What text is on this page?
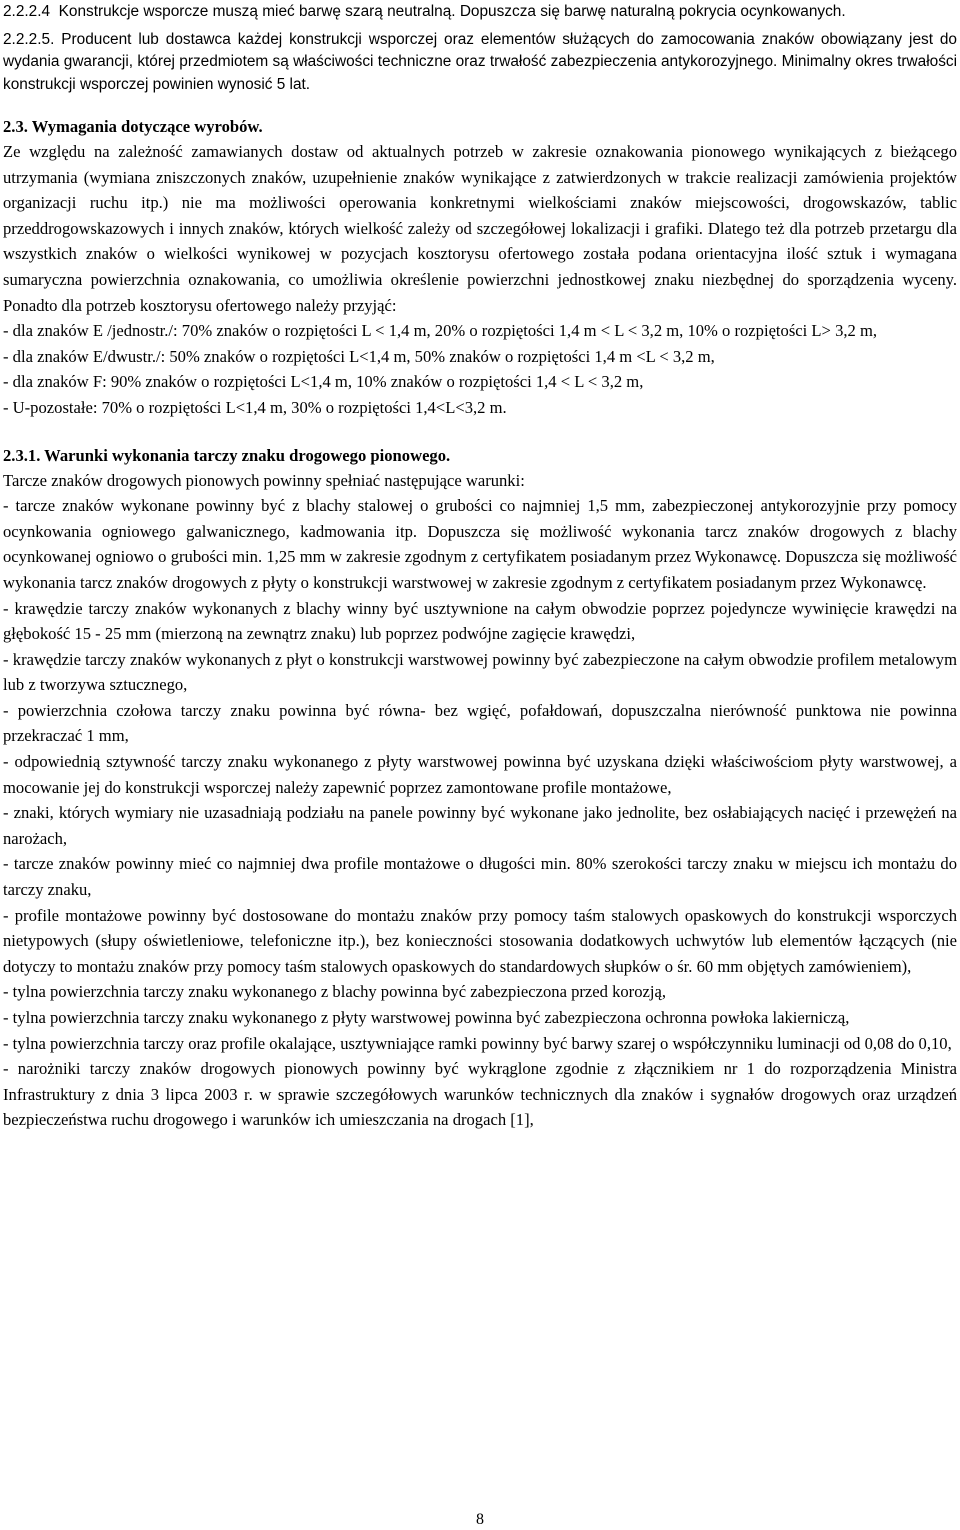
2.2.2.4 Konstrukcje wsporcze muszą mieć barwę szarą neutralną. Dopuszcza się barwę naturalną pokrycia ocynkowanych.

2.2.2.5. Producent lub dostawca każdej konstrukcji wsporczej oraz elementów służących do zamocowania znaków obowiązany jest do wydania gwarancji, której przedmiotem są właściwości techniczne oraz trwałość zabezpieczenia antykorozyjnego. Minimalny okres trwałości konstrukcji wsporczej powinien wynosić 5 lat.

2.3. Wymagania dotyczące wyrobów.

Ze względu na zależność zamawianych dostaw od aktualnych potrzeb w zakresie oznakowania pionowego wynikających z bieżącego utrzymania (wymiana zniszczonych znaków, uzupełnienie znaków wynikające z zatwierdzonych w trakcie realizacji zamówienia projektów organizacji ruchu itp.) nie ma możliwości operowania konkretnymi wielkościami znaków miejscowości, drogowskazów, tablic przeddrogowskazowych i innych znaków, których wielkość zależy od szczegółowej lokalizacji i grafiki. Dlatego też dla potrzeb przetargu dla wszystkich znaków o wielkości wynikowej w pozycjach kosztorysu ofertowego została podana orientacyjna ilość sztuk i wymagana sumaryczna powierzchnia oznakowania, co umożliwia określenie powierzchni jednostkowej znaku niezbędnej do sporządzenia wyceny. Ponadto dla potrzeb kosztorysu ofertowego należy przyjąć:

- dla znaków E /jednostr./: 70% znaków o rozpiętości L < 1,4 m, 20% o rozpiętości 1,4 m < L < 3,2 m, 10% o rozpiętości L> 3,2 m,

- dla znaków E/dwustr./: 50% znaków o rozpiętości L<1,4 m, 50% znaków o rozpiętości 1,4 m <L < 3,2 m,

- dla znaków F: 90% znaków o rozpiętości L<1,4 m, 10% znaków o rozpiętości 1,4 < L < 3,2 m,

- U-pozostałe: 70% o rozpiętości L<1,4 m, 30% o rozpiętości 1,4<L<3,2 m.

2.3.1. Warunki wykonania tarczy znaku drogowego pionowego.

Tarcze znaków drogowych pionowych powinny spełniać następujące warunki:

- tarcze znaków wykonane powinny być z blachy stalowej o grubości co najmniej 1,5 mm, zabezpieczonej antykorozyjnie przy pomocy ocynkowania ogniowego galwanicznego, kadmowania itp. Dopuszcza się możliwość wykonania tarcz znaków drogowych z blachy ocynkowanej ogniowo o grubości min. 1,25 mm w zakresie zgodnym z certyfikatem posiadanym przez Wykonawcę. Dopuszcza się możliwość wykonania tarcz znaków drogowych z płyty o konstrukcji warstwowej w zakresie zgodnym z certyfikatem posiadanym przez Wykonawcę.

- krawędzie tarczy znaków wykonanych z blachy winny być usztywnione na całym obwodzie poprzez pojedyncze wywinięcie krawędzi na głębokość 15 - 25 mm (mierzoną na zewnątrz znaku) lub poprzez podwójne zagięcie krawędzi,

- krawędzie tarczy znaków wykonanych z płyt o konstrukcji warstwowej powinny być zabezpieczone na całym obwodzie profilem metalowym lub z tworzywa sztucznego,

- powierzchnia czołowa tarczy znaku powinna być równa- bez wgięć, pofałdowań, dopuszczalna nierówność punktowa nie powinna przekraczać 1 mm,

- odpowiednią sztywność tarczy znaku wykonanego z płyty warstwowej powinna być uzyskana dzięki właściwościom płyty warstwowej, a mocowanie jej do konstrukcji wsporczej należy zapewnić poprzez zamontowane profile montażowe,

- znaki, których wymiary nie uzasadniają podziału na panele powinny być wykonane jako jednolite, bez osłabiających nacięć i przewężeń na narożach,

- tarcze znaków powinny mieć co najmniej dwa profile montażowe o długości min. 80% szerokości tarczy znaku w miejscu ich montażu do tarczy znaku,

- profile montażowe powinny być dostosowane do montażu znaków przy pomocy taśm stalowych opaskowych do konstrukcji wsporczych nietypowych (słupy oświetleniowe, telefoniczne itp.), bez konieczności stosowania dodatkowych uchwytów lub elementów łączących (nie dotyczy to montażu znaków przy pomocy taśm stalowych opaskowych do standardowych słupków o śr. 60 mm objętych zamówieniem),

- tylna powierzchnia tarczy znaku wykonanego z blachy powinna być zabezpieczona przed korozją,

- tylna powierzchnia tarczy znaku wykonanego z płyty warstwowej powinna być zabezpieczona ochronna powłoka lakierniczą,

- tylna powierzchnia tarczy oraz profile okalające, usztywniające ramki powinny być barwy szarej o współczynniku luminacji od 0,08 do 0,10,

- narożniki tarczy znaków drogowych pionowych powinny być wykrąglone zgodnie z złącznikiem nr 1 do rozporządzenia Ministra Infrastruktury z dnia 3 lipca 2003 r. w sprawie szczegółowych warunków technicznych dla znaków i sygnałów drogowych oraz urządzeń bezpieczeństwa ruchu drogowego i warunków ich umieszczania na drogach [1],

8
